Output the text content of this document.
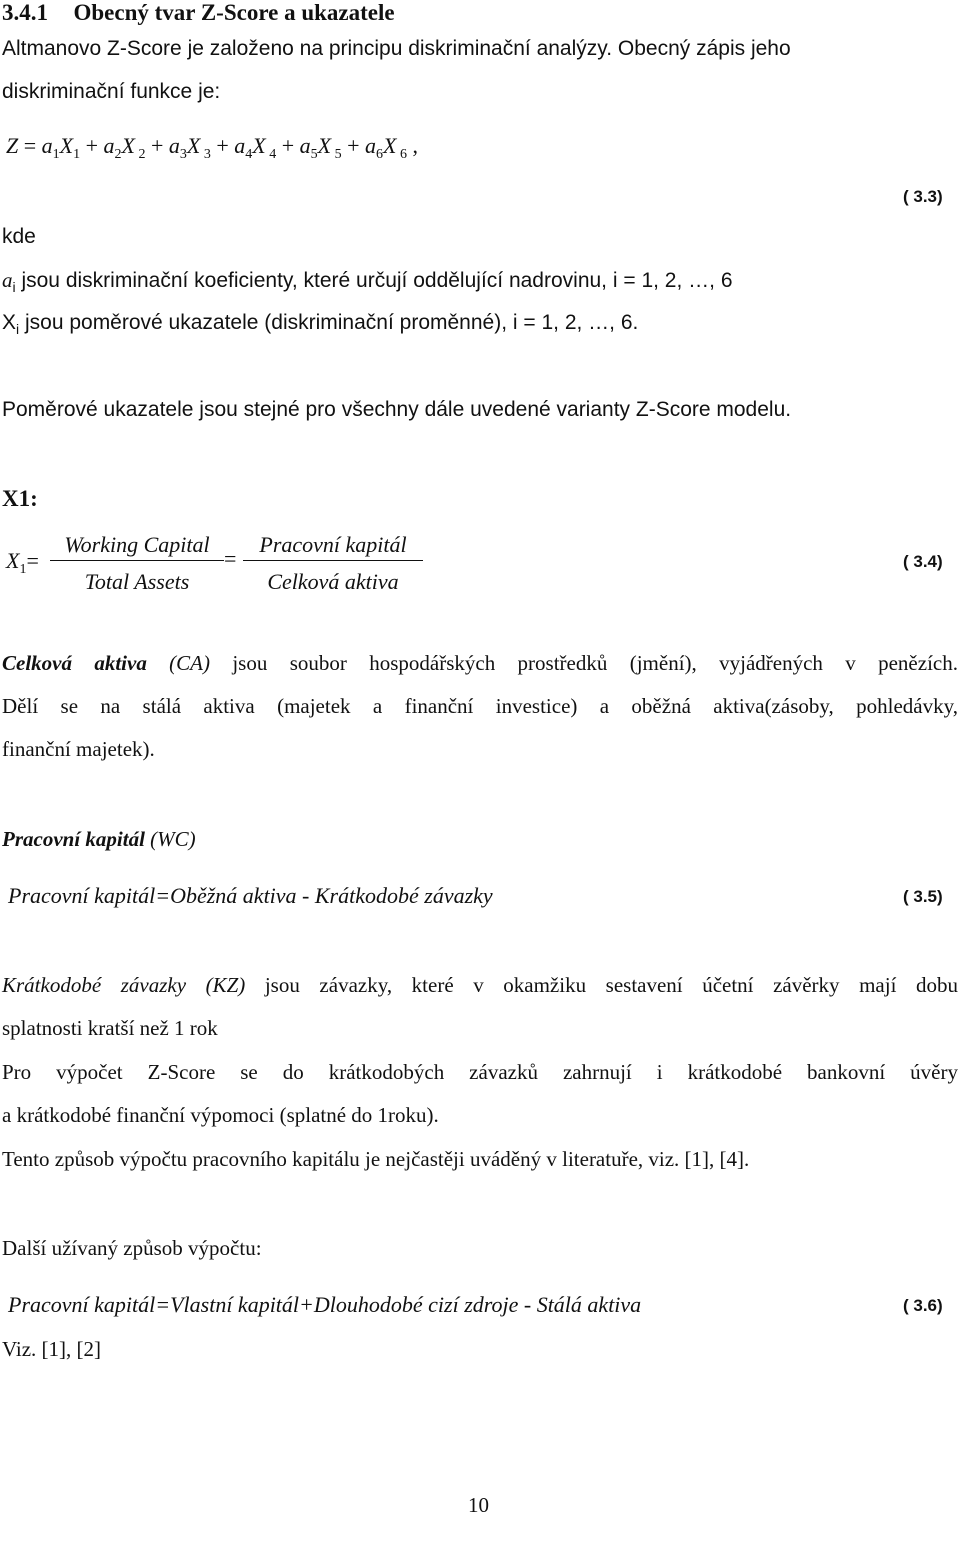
3.4.1 Obecný tvar Z-Score a ukazatele
Altmanovo Z-Score je založeno na principu diskriminační analýzy. Obecný zápis jeho
diskriminační funkce je:
$Z = a_1X_1 + a_2X$ $_2 + a_3X$ $_3 + a_4X$ $_4 + a_5X$ $_5 + a_6X$ $_6$ ,
( 3.3)
kde
$a_i$ jsou diskriminační koeficienty, které určují oddělující nadrovinu, i = 1, 2, …, 6
$X_i$ jsou poměrové ukazatele (diskriminační proměnné), i = 1, 2, …, 6.
Poměrové ukazatele jsou stejné pro všechny dále uvedené varianty Z-Score modelu.
X1:
$X_1=$
Working Capital
Total Assets
=
Pracovní kapitál
Celková aktiva
( 3.4)
Celková aktiva (CA) jsou soubor hospodářských prostředků (jmění), vyjádřených v penězích.
Dělí se na stálá aktiva (majetek a finanční investice) a oběžná aktiva(zásoby, pohledávky,
finanční majetek).
Pracovní kapitál (WC)
Pracovní kapitál=Oběžná aktiva - Krátkodobé závazky	( 3.5)
Krátkodobé závazky (KZ) jsou závazky, které v okamžiku sestavení účetní závěrky mají dobu
splatnosti kratší než 1 rok
Pro výpočet Z-Score se do krátkodobých závazků zahrnují i krátkodobé bankovní úvěry
a krátkodobé finanční výpomoci (splatné do 1roku).
Tento způsob výpočtu pracovního kapitálu je nejčastěji uváděný v literatuře, viz. [1], [4].
Další užívaný způsob výpočtu:
Pracovní kapitál=Vlastní kapitál+Dlouhodobé cizí zdroje - Stálá aktiva	( 3.6)
Viz. [1], [2]
10
